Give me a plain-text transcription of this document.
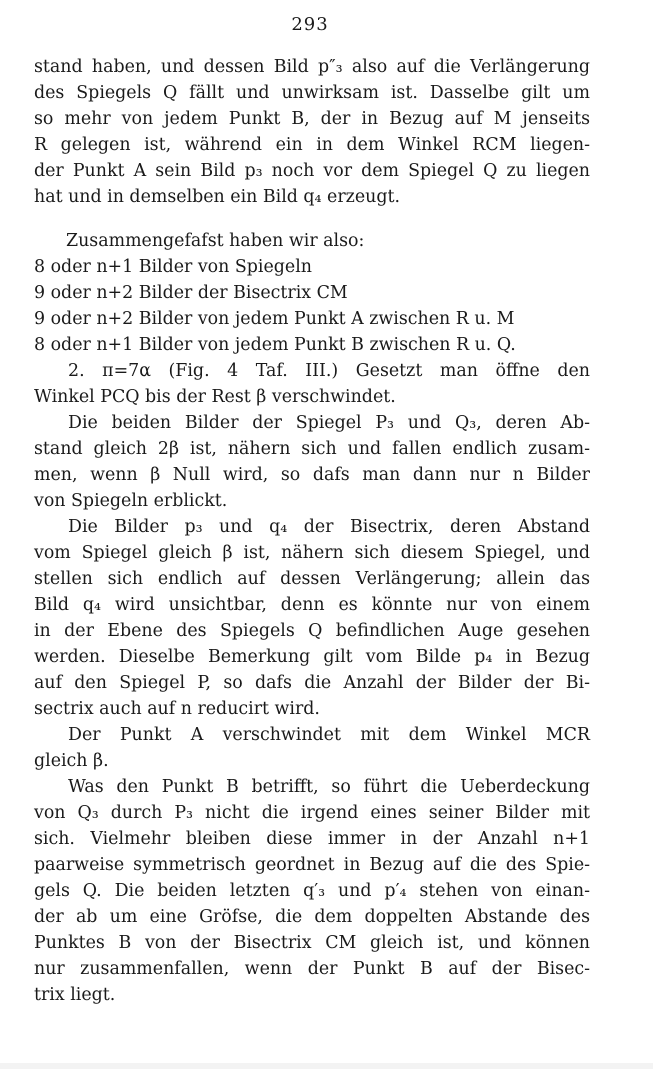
293
stand haben, und dessen Bild p″₃ also auf die Verlängerung
des Spiegels Q fällt und unwirksam ist. Dasselbe gilt um
so mehr von jedem Punkt B, der in Bezug auf M jenseits
R gelegen ist, während ein in dem Winkel RCM liegen-
der Punkt A sein Bild p₃ noch vor dem Spiegel Q zu liegen
hat und in demselben ein Bild q₄ erzeugt.
Zusammengefafst haben wir also:
8 oder n+1 Bilder von Spiegeln
9 oder n+2 Bilder der Bisectrix CM
9 oder n+2 Bilder von jedem Punkt A zwischen R u. M
8 oder n+1 Bilder von jedem Punkt B zwischen R u. Q.
2. π=7α (Fig. 4 Taf. III.) Gesetzt man öffne den
Winkel PCQ bis der Rest β verschwindet.
Die beiden Bilder der Spiegel P₃ und Q₃, deren Ab-
stand gleich 2β ist, nähern sich und fallen endlich zusam-
men, wenn β Null wird, so dafs man dann nur n Bilder
von Spiegeln erblickt.
Die Bilder p₃ und q₄ der Bisectrix, deren Abstand
vom Spiegel gleich β ist, nähern sich diesem Spiegel, und
stellen sich endlich auf dessen Verlängerung; allein das
Bild q₄ wird unsichtbar, denn es könnte nur von einem
in der Ebene des Spiegels Q befindlichen Auge gesehen
werden. Dieselbe Bemerkung gilt vom Bilde p₄ in Bezug
auf den Spiegel P, so dafs die Anzahl der Bilder der Bi-
sectrix auch auf n reducirt wird.
Der Punkt A verschwindet mit dem Winkel MCR
gleich β.
Was den Punkt B betrifft, so führt die Ueberdeckung
von Q₃ durch P₃ nicht die irgend eines seiner Bilder mit
sich. Vielmehr bleiben diese immer in der Anzahl n+1
paarweise symmetrisch geordnet in Bezug auf die des Spie-
gels Q. Die beiden letzten q′₃ und p′₄ stehen von einan-
der ab um eine Gröfse, die dem doppelten Abstande des
Punktes B von der Bisectrix CM gleich ist, und können
nur zusammenfallen, wenn der Punkt B auf der Bisec-
trix liegt.
